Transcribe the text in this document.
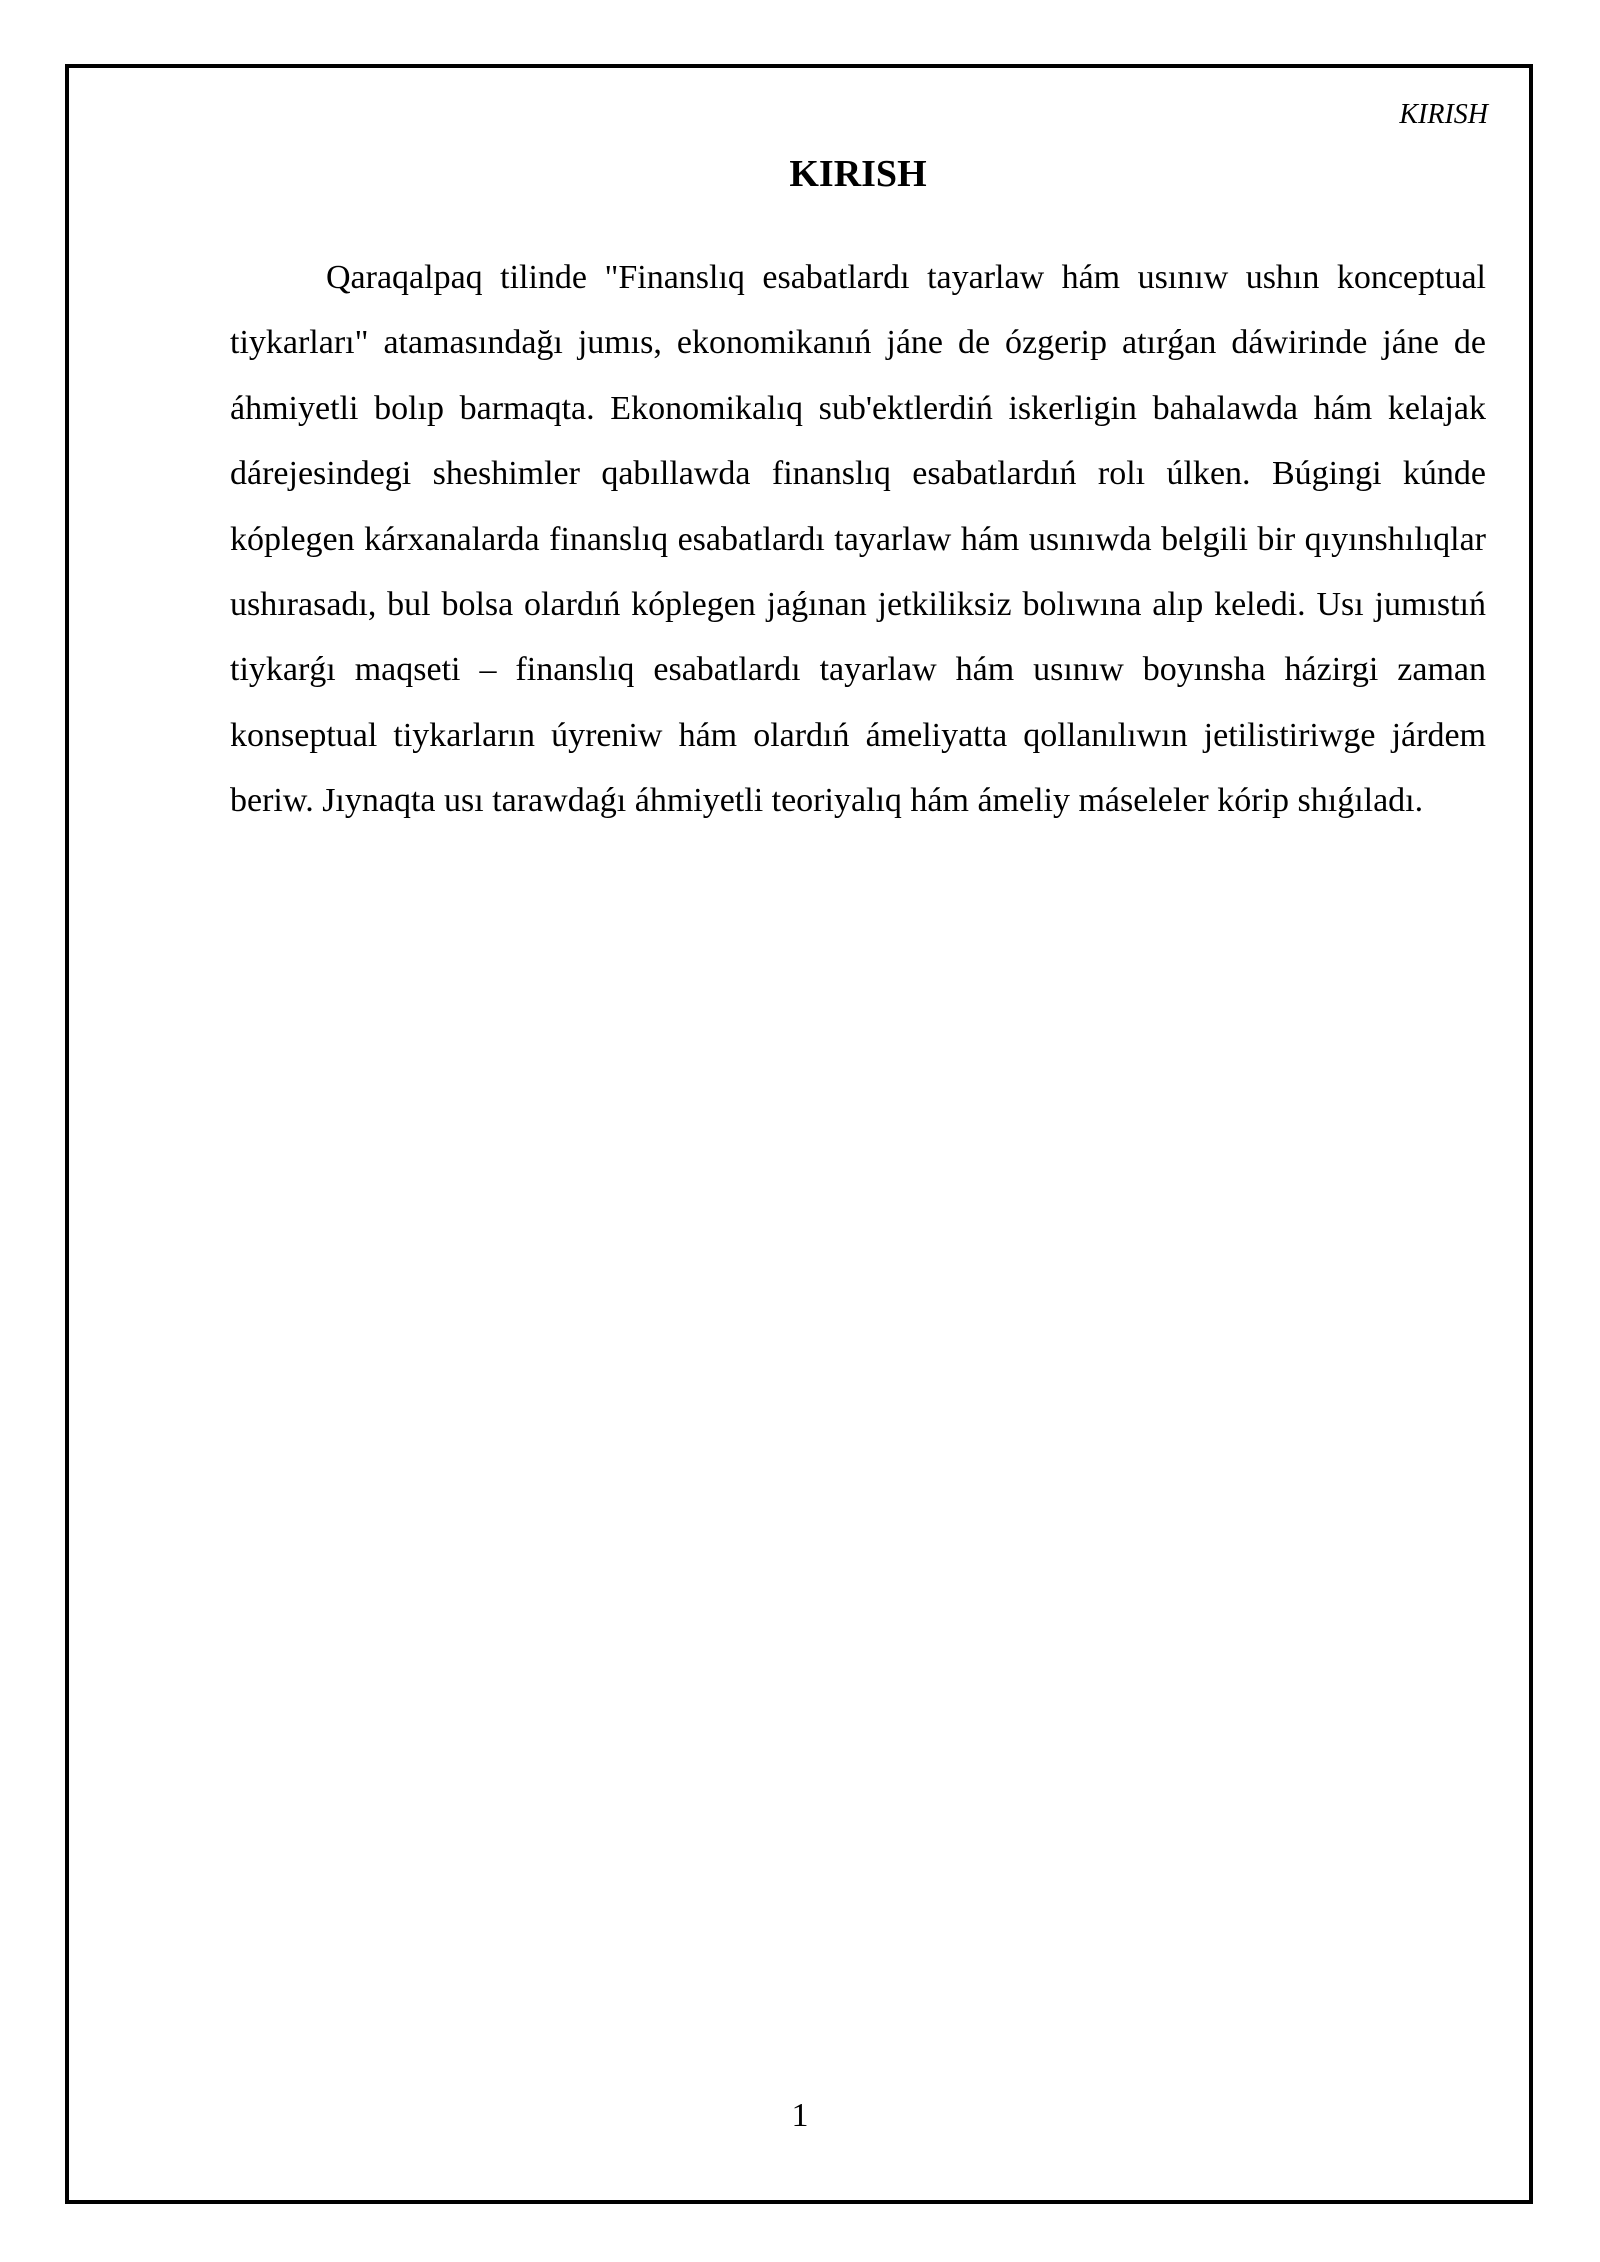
KIRISH
KIRISH

Qaraqalpaq tilinde "Finanslıq esabatlardı tayarlaw hám usınıw ushın konceptual tiykarları" atamasındağı jumıs, ekonomikanıń jáne de ózgerip atırǵan dáwirinde jáne de áhmiyetli bolıp barmaqta. Ekonomikalıq sub'ektlerdiń iskerligin bahalawda hám kelajak dárejesindegi sheshimler qabıllawda finanslıq esabatlardıń rolı úlken. Búgingi kúnde kóplegen kárxanalarda finanslıq esabatlardı tayarlaw hám usınıwda belgili bir qıyınshılıqlar ushırasadı, bul bolsa olardıń kóplegen jaǵınan jetkiliksiz bolıwına alıp keledi. Usı jumıstıń tiykarǵı maqseti – finanslıq esabatlardı tayarlaw hám usınıw boyınsha házirgi zaman konseptual tiykarların úyreniw hám olardıń ámeliyatta qollanılıwın jetilistiriwge járdem beriw. Jıynaqta usı tarawdaǵı áhmiyetli teoriyalıq hám ámeliy máseleler kórip shıǵıladı.

1
